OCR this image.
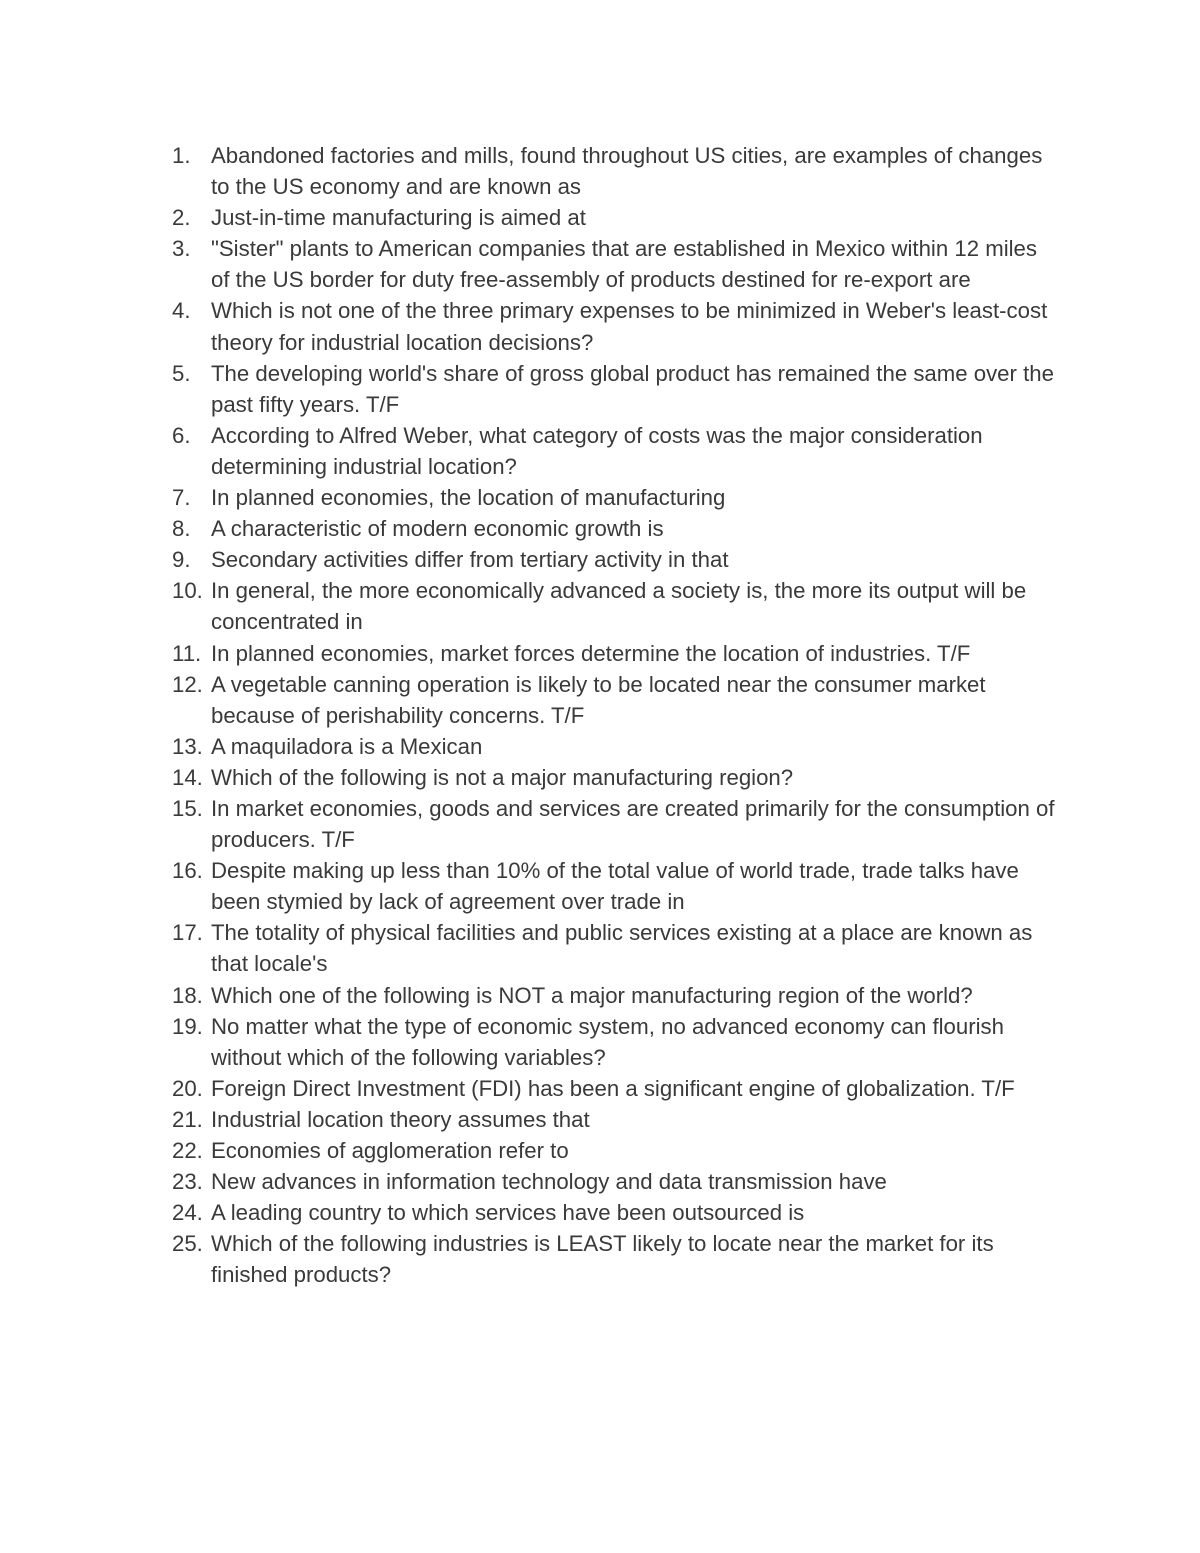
1. Abandoned factories and mills, found throughout US cities, are examples of changes to the US economy and are known as
2. Just-in-time manufacturing is aimed at
3. "Sister" plants to American companies that are established in Mexico within 12 miles of the US border for duty free-assembly of products destined for re-export are
4. Which is not one of the three primary expenses to be minimized in Weber's least-cost theory for industrial location decisions?
5. The developing world's share of gross global product has remained the same over the past fifty years. T/F
6. According to Alfred Weber, what category of costs was the major consideration determining industrial location?
7. In planned economies, the location of manufacturing
8. A characteristic of modern economic growth is
9. Secondary activities differ from tertiary activity in that
10. In general, the more economically advanced a society is, the more its output will be concentrated in
11. In planned economies, market forces determine the location of industries. T/F
12. A vegetable canning operation is likely to be located near the consumer market because of perishability concerns. T/F
13. A maquiladora is a Mexican
14. Which of the following is not a major manufacturing region?
15. In market economies, goods and services are created primarily for the consumption of producers. T/F
16. Despite making up less than 10% of the total value of world trade, trade talks have been stymied by lack of agreement over trade in
17. The totality of physical facilities and public services existing at a place are known as that locale's
18. Which one of the following is NOT a major manufacturing region of the world?
19. No matter what the type of economic system, no advanced economy can flourish without which of the following variables?
20. Foreign Direct Investment (FDI) has been a significant engine of globalization. T/F
21. Industrial location theory assumes that
22. Economies of agglomeration refer to
23. New advances in information technology and data transmission have
24. A leading country to which services have been outsourced is
25. Which of the following industries is LEAST likely to locate near the market for its finished products?
